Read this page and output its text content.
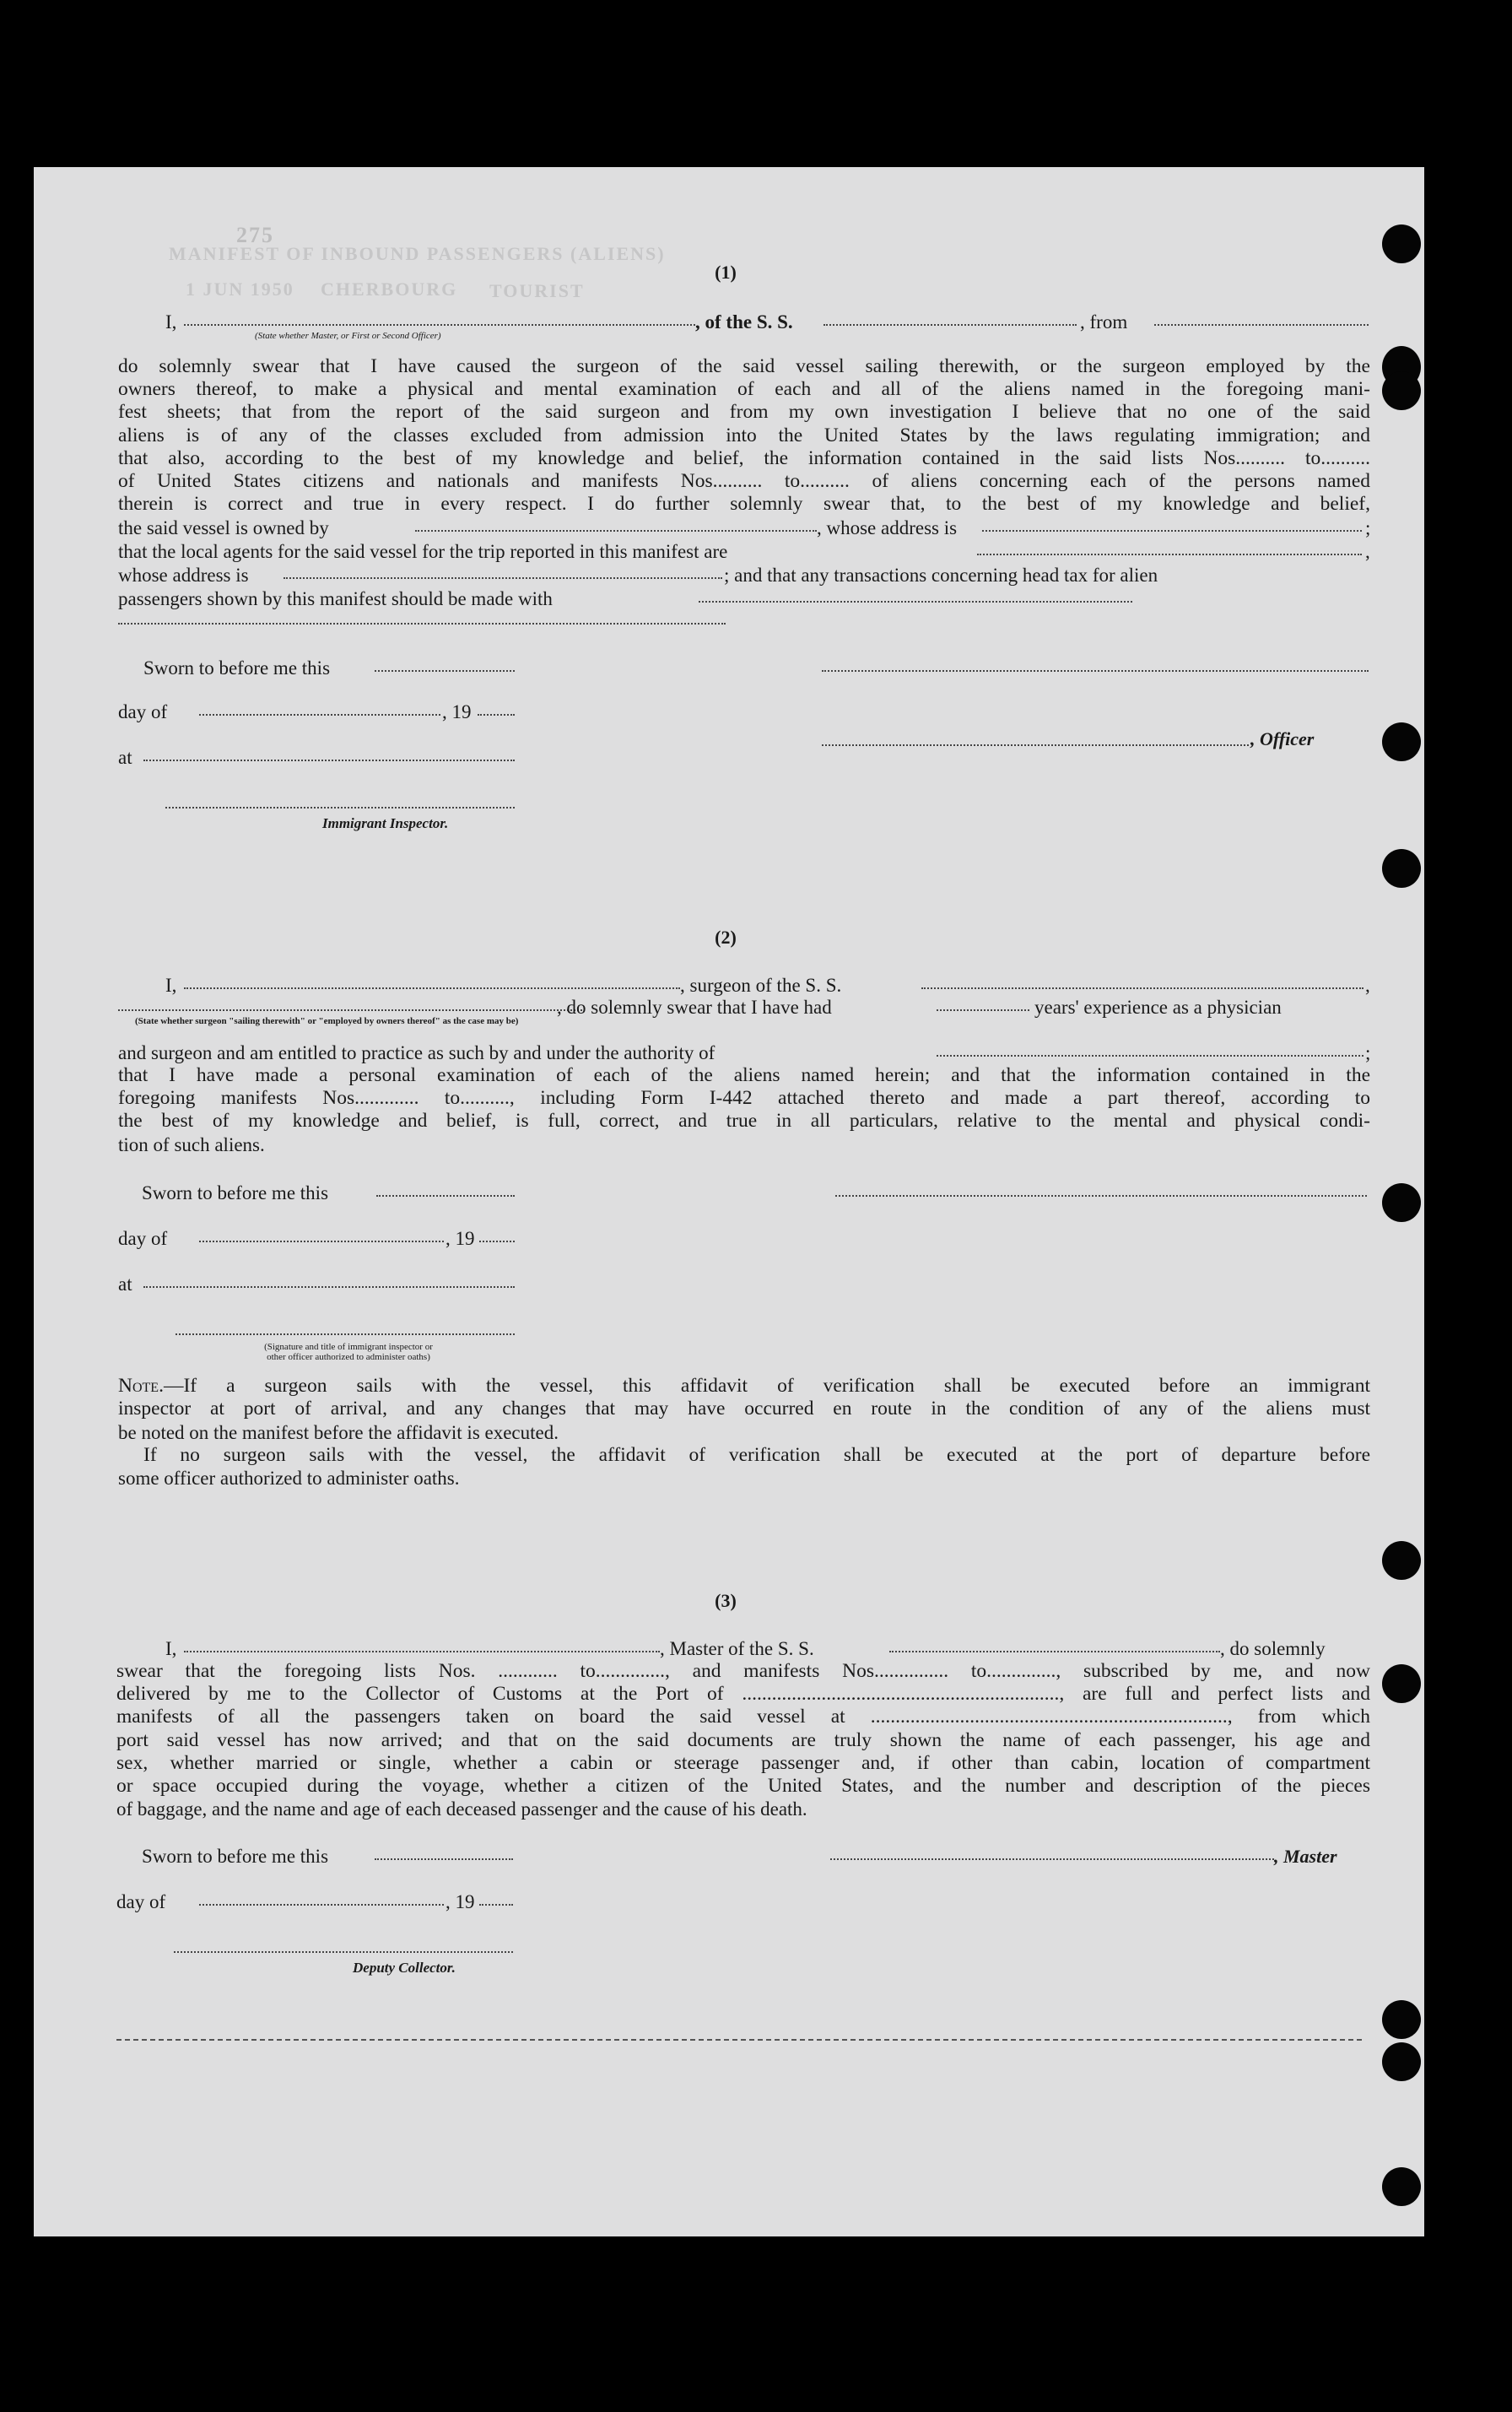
275
MANIFEST OF INBOUND PASSENGERS (ALIENS)
CHERBOURG TOURIST
1 JUN 1950
(1)
I,	, of the S. S.	, from
(State whether Master, or First or Second Officer)
do solemnly swear that I have caused the surgeon of the said vessel sailing therewith, or the surgeon employed by the
owners thereof, to make a physical and mental examination of each and all of the aliens named in the foregoing mani-
fest sheets; that from the report of the said surgeon and from my own investigation I believe that no one of the said
aliens is of any of the classes excluded from admission into the United States by the laws regulating immigration; and
that also, according to the best of my knowledge and belief, the information contained in the said lists Nos.......... to..........
of United States citizens and nationals and manifests Nos.......... to.......... of aliens concerning each of the persons named
therein is correct and true in every respect. I do further solemnly swear that, to the best of my knowledge and belief,
the said vessel is owned by	, whose address is	;
that the local agents for the said vessel for the trip reported in this manifest are	,
whose address is	; and that any transactions concerning head tax for alien
passengers shown by this manifest should be made with
Sworn to before me this
day of	, 19
, Officer
at
Immigrant Inspector.
(2)
I,	, surgeon of the S. S.	,
, do solemnly swear that I have had	years' experience as a physician
(State whether surgeon "sailing therewith" or "employed by owners thereof" as the case may be)
and surgeon and am entitled to practice as such by and under the authority of	;
that I have made a personal examination of each of the aliens named herein; and that the information contained in the
foregoing manifests Nos............. to.........., including Form I-442 attached thereto and made a part thereof, according to
the best of my knowledge and belief, is full, correct, and true in all particulars, relative to the mental and physical condi-
tion of such aliens.
Sworn to before me this
day of	, 19
at
(Signature and title of immigrant inspector or
other officer authorized to administer oaths)
Note.—If a surgeon sails with the vessel, this affidavit of verification shall be executed before an immigrant
inspector at port of arrival, and any changes that may have occurred en route in the condition of any of the aliens must
be noted on the manifest before the affidavit is executed.
If no surgeon sails with the vessel, the affidavit of verification shall be executed at the port of departure before
some officer authorized to administer oaths.
(3)
I,	, Master of the S. S.	, do solemnly
swear that the foregoing lists Nos. ............ to.............., and manifests Nos............... to.............., subscribed by me, and now
delivered by me to the Collector of Customs at the Port of ................................................................, are full and perfect lists and
manifests of all the passengers taken on board the said vessel at ........................................................................, from which
port said vessel has now arrived; and that on the said documents are truly shown the name of each passenger, his age and
sex, whether married or single, whether a cabin or steerage passenger and, if other than cabin, location of compartment
or space occupied during the voyage, whether a citizen of the United States, and the number and description of the pieces
of baggage, and the name and age of each deceased passenger and the cause of his death.
Sworn to before me this	, Master
day of	, 19
Deputy Collector.
